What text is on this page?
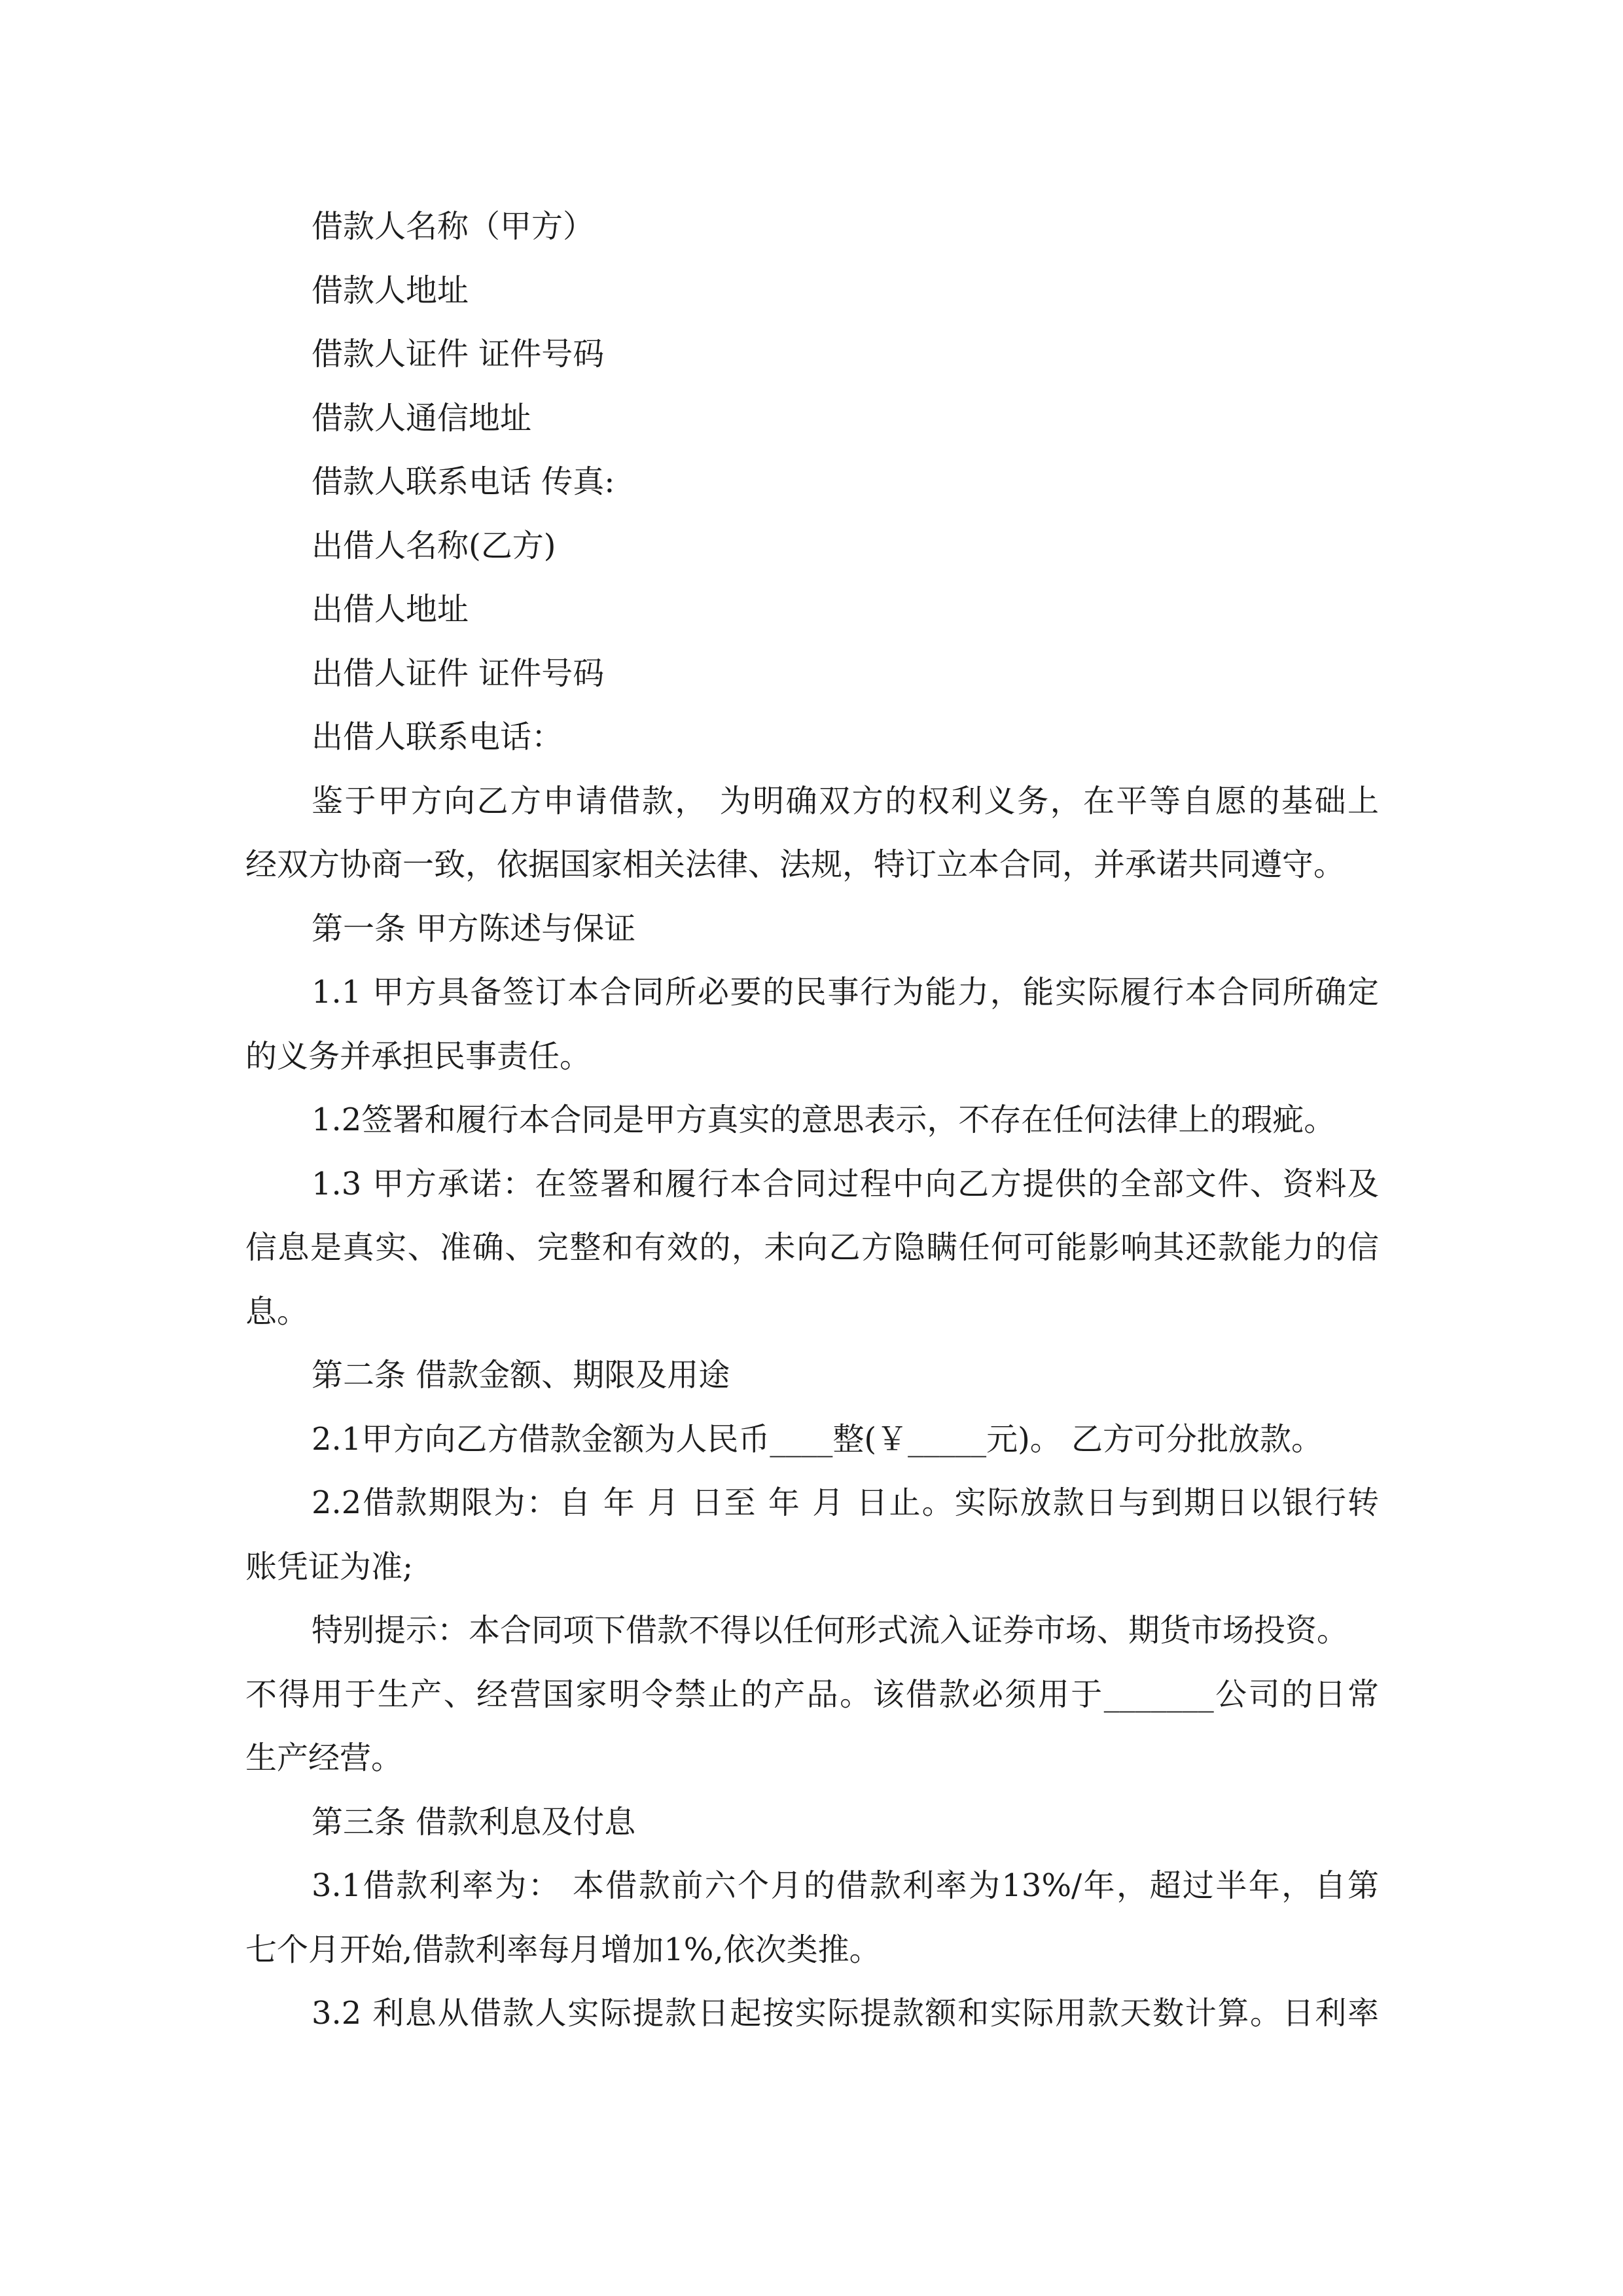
借款人名称（甲方）
借款人地址
借款人证件 证件号码
借款人通信地址
借款人联系电话 传真:
出借人名称(乙方)
出借人地址
出借人证件 证件号码
出借人联系电话：
鉴于甲方向乙方申请借款， 为明确双方的权利义务，在平等自愿的基础上
经双方协商一致，依据国家相关法律、法规，特订立本合同，并承诺共同遵守。
第一条 甲方陈述与保证
1.1 甲方具备签订本合同所必要的民事行为能力，能实际履行本合同所确定
的义务并承担民事责任。
1.2签署和履行本合同是甲方真实的意思表示，不存在任何法律上的瑕疵。
1.3 甲方承诺：在签署和履行本合同过程中向乙方提供的全部文件、资料及
信息是真实、准确、完整和有效的，未向乙方隐瞒任何可能影响其还款能力的信
息。
第二条 借款金额、期限及用途
2.1甲方向乙方借款金额为人民币____整(￥_____元)。 乙方可分批放款。
2.2借款期限为：自 年 月 日至 年 月 日止。实际放款日与到期日以银行转
账凭证为准;
特别提示：本合同项下借款不得以任何形式流入证券市场、期货市场投资。
不得用于生产、经营国家明令禁止的产品。该借款必须用于_______公司的日常
生产经营。
第三条 借款利息及付息
3.1借款利率为： 本借款前六个月的借款利率为13%/年，超过半年，自第
七个月开始,借款利率每月增加1%,依次类推。
3.2 利息从借款人实际提款日起按实际提款额和实际用款天数计算。日利率
